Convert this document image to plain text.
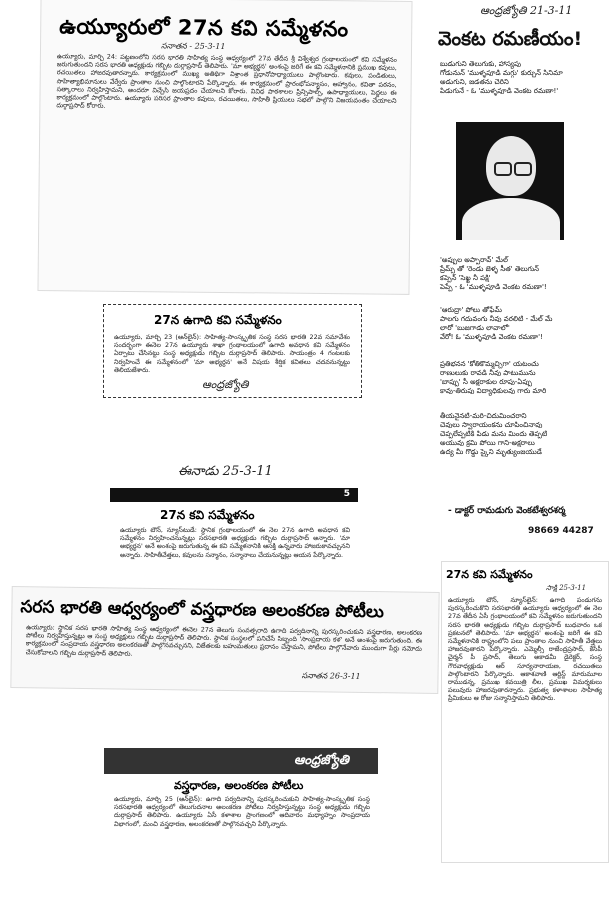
ఉయ్యూరులో 27న కవి సమ్మేళనం
సనాతన - 25-3-11
ఉయ్యూరు, మార్చి 24: పట్టణంలోని సరస భారతి సాహిత్య సంస్థ ఆధ్వర్యంలో 27వ తేదీన శ్రీ విశ్వేశ్వర గ్రంథాలయంలో కవి సమ్మేళనం జరుగుతుందని సరస భారతి అధ్యక్షుడు గబ్బిట దుర్గాప్రసాద్ తెలిపారు. 'మా అభ్యర్థన' అంశంపై జరిగే ఈ కవి సమ్మేళనానికి ప్రముఖ కవులు, రచయితలు హాజరవుతారన్నారు. కార్యక్రమంలో ముఖ్య అతిథిగా విశ్రాంత ప్రధానోపాధ్యాయులు పాల్గొంటారు. కవులు, పండితులు, సాహిత్యాభిమానులు వేర్వేరు ప్రాంతాల నుంచి పాల్గొంటారని పేర్కొన్నారు. ఈ కార్యక్రమంలో ప్రారంభోపన్యాసం, ఆహ్వానం, కవితా పఠనం, సత్కారాలు నిర్వహిస్తామని, అందరూ విచ్చేసి జయప్రదం చేయాలని కోరారు. వివిధ పాఠశాలల ప్రిన్సిపాల్స్, ఉపాధ్యాయులు, పెద్దలు ఈ కార్యక్రమంలో పాల్గొంటారు. ఉయ్యూరు పరిసర ప్రాంతాల కవులు, రచయితలు, సాహితీ ప్రియులు సభలో పాల్గొని విజయవంతం చేయాలని దుర్గాప్రసాద్ కోరారు.
27న ఉగాది కవి సమ్మేళనం
ఉయ్యూరు, మార్చి 23 (ఆన్‌లైన్): సాహిత్య-సాంస్కృతిక సంస్థ సరస భారతి 22వ సమావేశం సందర్భంగా ఈనెల 27న ఉయ్యూరు శాఖా గ్రంథాలయంలో ఉగాది అవధాన కవి సమ్మేళనం ఏర్పాటు చేసినట్టు సంస్థ అధ్యక్షుడు గబ్బిట దుర్గాప్రసాద్ తెలిపారు. సాయంత్రం 4 గంటలకు నిర్వహించే ఈ సమ్మేళనంలో 'మా అభ్యర్థన' అనే విషయ శీర్షిక కవితలు చదవనున్నట్టు తెలియజేశారు.
ఆంధ్రజ్యోతి
ఈనాడు 25-3-11
5
27న కవి సమ్మేళనం
ఉయ్యూరు టౌన్, న్యూస్‌టుడే: స్థానిక గ్రంథాలయంలో ఈ నెల 27న ఉగాది అవధాన కవి సమ్మేళనం నిర్వహించనున్నట్లు సరసభారతి అధ్యక్షుడు గబ్బిట దుర్గాప్రసాద్ అన్నారు. 'మా అభ్యర్థన' అనే అంశంపై జరుగుతున్న ఈ కవి సమ్మేళనానికి ఆసక్తి ఉన్నవారు హాజరుకావచ్చునని అన్నారు. సాహితీవేత్తలు, కవులను సన్మానం, సన్మానాలు చేయనున్నట్లు ఆయన పేర్కొన్నారు.
సరస భారతి ఆధ్వర్యంలో వస్త్రధారణ అలంకరణ పోటీలు
ఉయ్యూరు: స్థానిక సరస భారతి సాహిత్య సంస్థ ఆధ్వర్యంలో ఈనెల 27న తెలుగు సంవత్సరాది ఉగాది పర్వదినాన్ని పురస్కరించుకుని వస్త్రధారణ, అలంకరణ పోటీలు నిర్వహిస్తున్నట్లు ఆ సంస్థ అధ్యక్షులు గబ్బిట దుర్గాప్రసాద్ తెలిపారు. స్థానిక సంస్థలలో పనిచేసే సిబ్బంది 'సాంప్రదాయ కళ' అనే అంశంపై జరుగుతుంది. ఈ కార్యక్రమంలో సంప్రదాయ వస్త్రధారణ అలంకరణతో పాల్గొనవచ్చునని, విజేతలకు బహుమతులు ప్రదానం చేస్తామని, పోటీలు పాల్గొనేవారు ముందుగా పేర్లు నమోదు చేసుకోవాలని గబ్బిట దుర్గాప్రసాద్ తెలిపారు.
సనాతన 26-3-11
ఆంధ్రజ్యోతి
వస్త్రధారణ, అలంకరణ పోటీలు
ఉయ్యూరు, మార్చి 25 (ఆన్‌లైన్): ఉగాది పర్వదినాన్ని పురస్కరించుకుని సాహిత్య-సాంస్కృతిక సంస్థ సరసభారతి ఆధ్వర్యంలో తెలుగుదనాల అలంకరణ పోటీలు నిర్వహిస్తున్నట్టు సంస్థ అధ్యక్షుడు గబ్బిట దుర్గాప్రసాద్ తెలిపారు. ఉయ్యూరు ఏసీ కళాశాల ప్రాంగణంలో ఆదివారం మధ్యాహ్నం సాంప్రదాయ విభాగంలో, మంచి వస్త్రధారణ, అలంకరణతో పాల్గొనవచ్చని పేర్కొన్నారు.
ఆంధ్రజ్యోతి 21-3-11
వెంకట రమణీయం!

బుడుగుని తెలుగుకు, హాస్యపు

గోడునున్ 'ముళ్ళపూడి మగ్గు' కుర్చున్ సినిమా

అడుగుని, జడతను చెరిని

పిడుగునే - ఓ 'ముళ్ళపూడి వెంకట రమణా!'

'అప్పుల అప్పారావ్' మేల్

ప్రేమ్స్ తో 'రెండు జెళ్ళ సీత' తెలుగున్

కప్పెన్ 'సెఖ్ఖ నీ పక్షి'

పెప్పే - ఓ 'ముళ్ళపూడి వెంకట రమణా'!

'ఆరుద్రా' పోలు తోఫేమ్

పాలగు గదువంగు నీవు వరలిటి - మేల్ మే

లారో 'బుజగాడు లావాలో'

వేరో! ఓ 'ముళ్ళపూడి వెంకట రమణా'!

ప్రతిభనన 'కోతికొమ్మచ్చిగా' యటంచు

రాణులుకు రావడి నీవు పాటుమును

'బాప్పు' సీ అక్షరాకుల రూపు-ఏప్పు

కావు-తిరుపు విద్యాధికులవు గారు మారి

తీయనైనటి-మరి-చిదుమించరాని

చెవులు స్వారాయంకను చూపించినావు

చెప్పలేప్పటికి పిడు మను మిందు తెప్పటి

అయువు క్రమి పోయి గాని-అక్షరాలు

ఉద్య మీ గొడ్డు స్కైని మృత్యుంజయుడే

- డాక్టర్ రామడుగు వెంకటేశ్వరశర్మ
98669 44287
27న కవి సమ్మేళనం
సాక్షి 25-3-11
ఉయ్యూరు టౌన్, న్యూస్‌లైన్: ఉగాది పండుగను పురస్కరించుకొని సరసభారతి ఉయ్యూరు ఆధ్వర్యంలో ఈ నెల 27వ తేదీన ఏసీ గ్రంథాలయంలో కవి సమ్మేళనం జరుగుతుందని సరస భారతి అధ్యక్షుడు గబ్బిట దుర్గాప్రసాద్ బుధవారం ఒక ప్రకటనలో తెలిపారు. 'మా అభ్యర్థన' అంశంపై జరిగే ఈ కవి సమ్మేళనానికి రాష్ట్రంలోని పలు ప్రాంతాల నుంచి సాహితీ వేత్తలు హాజరవుతారని పేర్కొన్నారు. ఎమ్మెల్సీ రాజేంద్రప్రసాద్, కేసీపీ చైర్మన్ పీ ప్రసాద్, తెలుగు అకాడమీ డైరెక్టర్, సంస్థ గౌరవాధ్యక్షుడు ఆర్ సూర్యనారాయణ, రచయితలు పాల్గొంటారని పేర్కొన్నారు. ఆకాశవాణి ఆర్టిస్ట్ మారుమూల రాముడన్న, ప్రముఖ కవయిత్రి లీల, ప్రముఖ విమర్శకులు పలువురు హాజరవుతారన్నారు. ప్రభుత్వ కళాశాలల సాహిత్య ప్రేమికులు ఆ రోజు సన్మానిస్తామని తెలిపారు.
